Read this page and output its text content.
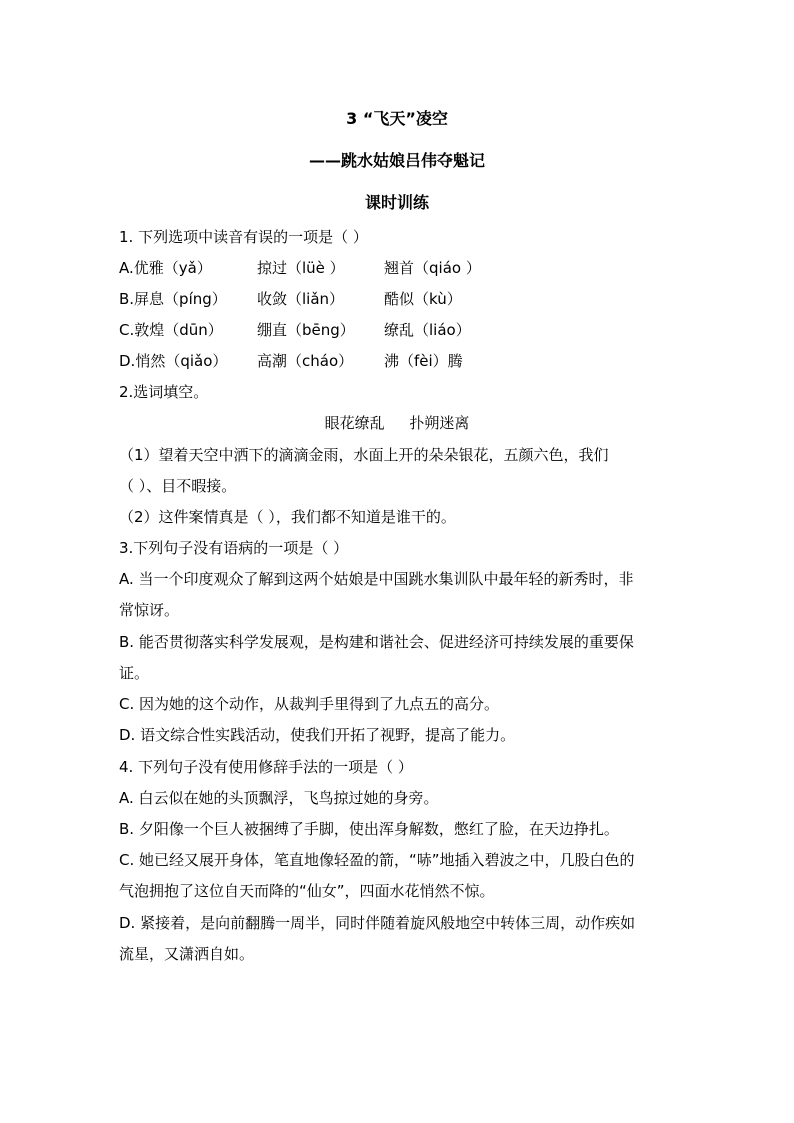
3 “飞天”凌空
——跳水姑娘吕伟夺魁记
课时训练
1. 下列选项中读音有误的一项是（ ）
A.优雅（yǎ）	掠过（lüè ）	翘首（qiáo ）
B.屏息（píng） 收敛（liǎn）	酷似（kù）
C.敦煌（dūn） 绷直（bēng） 缭乱（liáo）
D.悄然（qiǎo） 高潮（cháo） 沸（fèi）腾
2.选词填空。
眼花缭乱 扑朔迷离
（1）望着天空中洒下的滴滴金雨，水面上开的朵朵银花，五颜六色，我们
（ ）、目不暇接。
（2）这件案情真是（ ），我们都不知道是谁干的。
3.下列句子没有语病的一项是（ ）
A. 当一个印度观众了解到这两个姑娘是中国跳水集训队中最年轻的新秀时，非
常惊讶。
B. 能否贯彻落实科学发展观，是构建和谐社会、促进经济可持续发展的重要保
证。
C. 因为她的这个动作，从裁判手里得到了九点五的高分。
D. 语文综合性实践活动，使我们开拓了视野，提高了能力。
4. 下列句子没有使用修辞手法的一项是（ ）
A. 白云似在她的头顶飘浮，飞鸟掠过她的身旁。
B. 夕阳像一个巨人被捆缚了手脚，使出浑身解数，憋红了脸，在天边挣扎。
C. 她已经又展开身体，笔直地像轻盈的箭，“哧”地插入碧波之中，几股白色的
气泡拥抱了这位自天而降的“仙女”，四面水花悄然不惊。
D. 紧接着，是向前翻腾一周半，同时伴随着旋风般地空中转体三周，动作疾如
流星，又潇洒自如。
